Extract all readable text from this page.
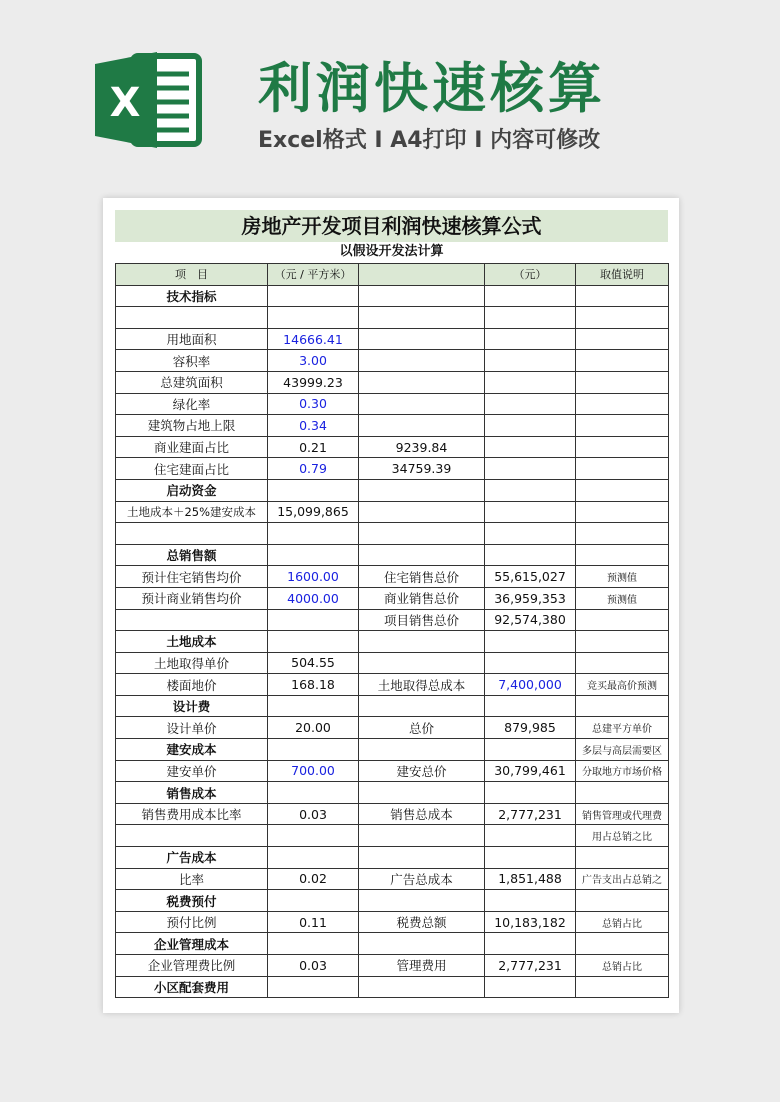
X 利润快速核算
Excel格式 I A4打印 I 内容可修改
房地产开发项目利润快速核算公式
以假设开发法计算
项　目	（元 / 平方米）		（元）	取值说明
技术指标				

用地面积	14666.41			
容积率	3.00			
总建筑面积	43999.23			
绿化率	0.30			
建筑物占地上限	0.34			
商业建面占比	0.21	9239.84		
住宅建面占比	0.79	34759.39		
启动资金				
土地成本＋25%建安成本	15,099,865			

总销售额				
预计住宅销售均价	1600.00	住宅销售总价	55,615,027	预测值
预计商业销售均价	4000.00	商业销售总价	36,959,353	预测值
		项目销售总价	92,574,380	
土地成本				
土地取得单价	504.55			
楼面地价	168.18	土地取得总成本	7,400,000	竞买最高价预测
设计费				
设计单价	20.00	总价	879,985	总建平方单价
建安成本				多层与高层需要区
建安单价	700.00	建安总价	30,799,461	分取地方市场价格
销售成本				
销售费用成本比率	0.03	销售总成本	2,777,231	销售管理或代理费
				用占总销之比
广告成本				
比率	0.02	广告总成本	1,851,488	广告支出占总销之
税费预付				
预付比例	0.11	税费总额	10,183,182	总销占比
企业管理成本				
企业管理费比例	0.03	管理费用	2,777,231	总销占比
小区配套费用				
